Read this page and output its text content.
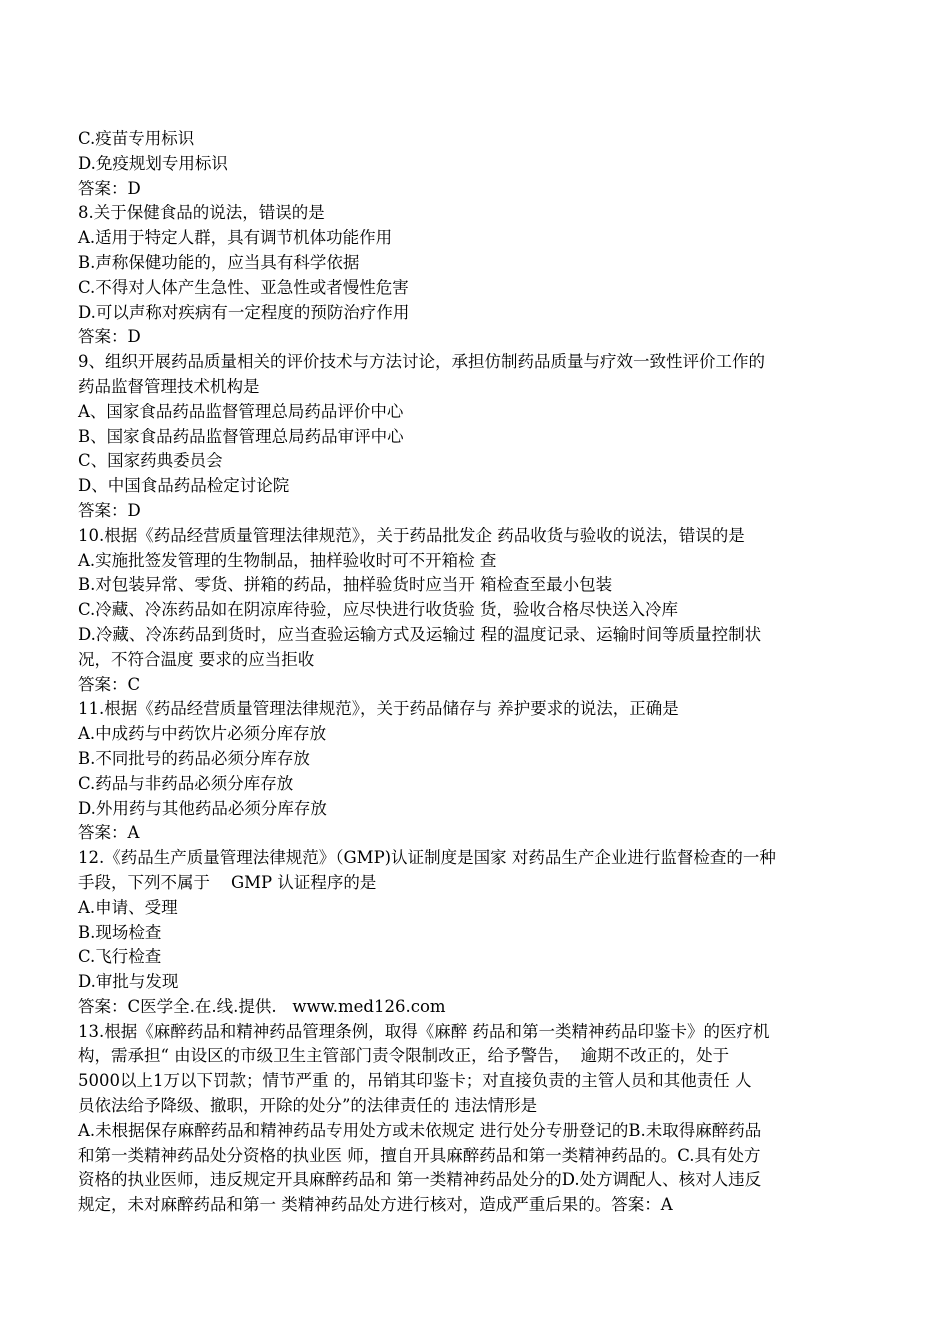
C.疫苗专用标识

D.免疫规划专用标识

答案：D

8.关于保健食品的说法，错误的是

A.适用于特定人群，具有调节机体功能作用

B.声称保健功能的，应当具有科学依据

C.不得对人体产生急性、亚急性或者慢性危害

D.可以声称对疾病有一定程度的预防治疗作用

答案：D

9、组织开展药品质量相关的评价技术与方法讨论，承担仿制药品质量与疗效一致性评价工作的

药品监督管理技术机构是

A、国家食品药品监督管理总局药品评价中心

B、国家食品药品监督管理总局药品审评中心

C、国家药典委员会

D、中国食品药品检定讨论院

答案：D

10.根据《药品经营质量管理法律规范》，关于药品批发企 药品收货与验收的说法，错误的是

A.实施批签发管理的生物制品，抽样验收时可不开箱检 查

B.对包装异常、零货、拼箱的药品，抽样验货时应当开 箱检查至最小包装

C.冷藏、冷冻药品如在阴凉库待验，应尽快进行收货验 货，验收合格尽快送入冷库

D.冷藏、冷冻药品到货时，应当查验运输方式及运输过 程的温度记录、运输时间等质量控制状

况，不符合温度 要求的应当拒收

答案：C

11.根据《药品经营质量管理法律规范》，关于药品储存与 养护要求的说法，正确是

A.中成药与中药饮片必须分库存放

B.不同批号的药品必须分库存放

C.药品与非药品必须分库存放

D.外用药与其他药品必须分库存放

答案：A

12.《药品生产质量管理法律规范》（GMP)认证制度是国家 对药品生产企业进行监督检查的一种

手段，下列不属于    GMP 认证程序的是

A.申请、受理

B.现场检查

C.飞行检查

D.审批与发现

答案：C医学全.在.线.提供.   www.med126.com

13.根据《麻醉药品和精神药品管理条例，取得《麻醉 药品和第一类精神药品印鉴卡》的医疗机

构，需承担“ 由设区的市级卫生主管部门责令限制改正，给予警告，  逾期不改正的，处于

5000以上1万以下罚款；情节严重 的，吊销其印鉴卡；对直接负责的主管人员和其他责任 人

员依法给予降级、撤职，开除的处分”的法律责任的 违法情形是

A.未根据保存麻醉药品和精神药品专用处方或未依规定 进行处分专册登记的B.未取得麻醉药品

和第一类精神药品处分资格的执业医 师，擅自开具麻醉药品和第一类精神药品的。C.具有处方

资格的执业医师，违反规定开具麻醉药品和 第一类精神药品处分的D.处方调配人、核对人违反

规定，未对麻醉药品和第一 类精神药品处方进行核对，造成严重后果的。答案：A
